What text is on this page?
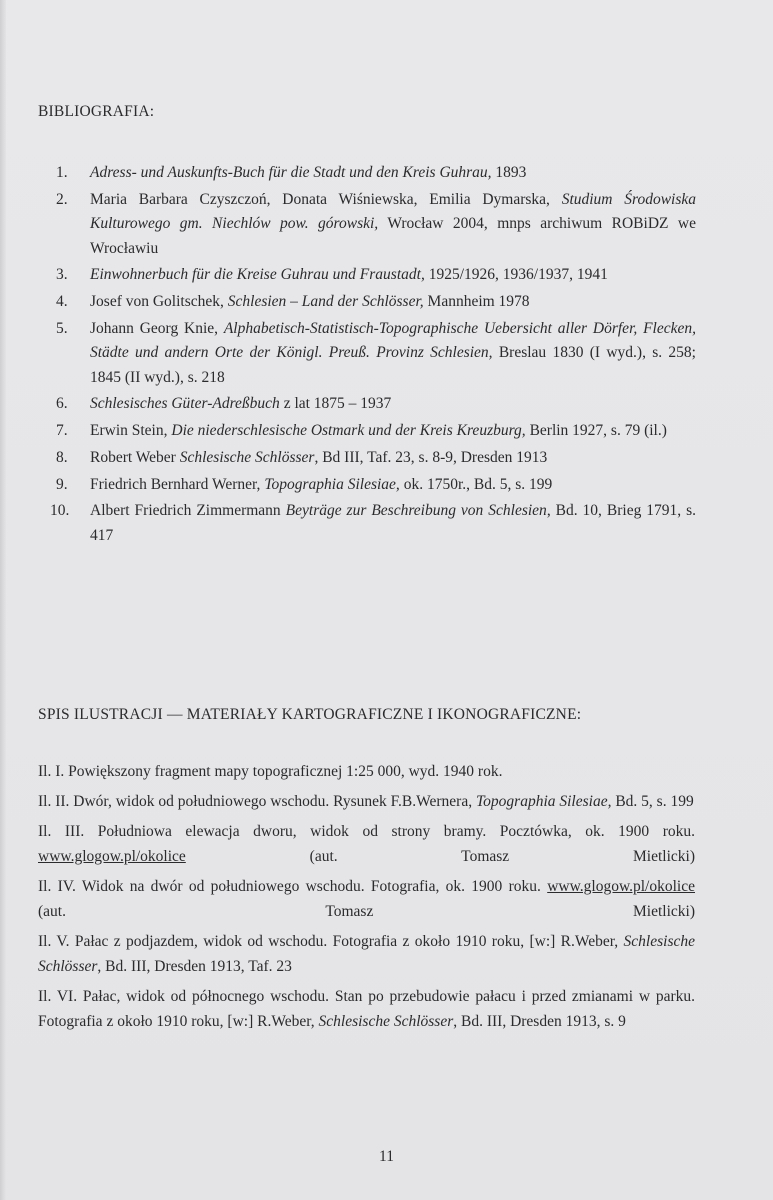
BIBLIOGRAFIA:
1. Adress- und Auskunfts-Buch für die Stadt und den Kreis Guhrau, 1893
2. Maria Barbara Czyszczoń, Donata Wiśniewska, Emilia Dymarska, Studium Środowiska Kulturowego gm. Niechlów pow. górowski, Wrocław 2004, mnps archiwum ROBiDZ we Wrocławiu
3. Einwohnerbuch für die Kreise Guhrau und Fraustadt, 1925/1926, 1936/1937, 1941
4. Josef von Golitschek, Schlesien – Land der Schlösser, Mannheim 1978
5. Johann Georg Knie, Alphabetisch-Statistisch-Topographische Uebersicht aller Dörfer, Flecken, Städte und andern Orte der Königl. Preuß. Provinz Schlesien, Breslau 1830 (I wyd.), s. 258; 1845 (II wyd.), s. 218
6. Schlesisches Güter-Adreßbuch z lat 1875 – 1937
7. Erwin Stein, Die niederschlesische Ostmark und der Kreis Kreuzburg, Berlin 1927, s. 79 (il.)
8. Robert Weber Schlesische Schlösser, Bd III, Taf. 23, s. 8-9, Dresden 1913
9. Friedrich Bernhard Werner, Topographia Silesiae, ok. 1750r., Bd. 5, s. 199
10. Albert Friedrich Zimmermann Beyträge zur Beschreibung von Schlesien, Bd. 10, Brieg 1791, s. 417
SPIS ILUSTRACJI — MATERIAŁY KARTOGRAFICZNE I IKONOGRAFICZNE:

Il. I. Powiększony fragment mapy topograficznej 1:25 000, wyd. 1940 rok.

Il. II. Dwór, widok od południowego wschodu. Rysunek F.B.Wernera, Topographia Silesiae, Bd. 5, s. 199

Il. III. Południowa elewacja dworu, widok od strony bramy. Pocztówka, ok. 1900 roku. www.glogow.pl/okolice (aut. Tomasz Mietlicki)

Il. IV. Widok na dwór od południowego wschodu. Fotografia, ok. 1900 roku. www.glogow.pl/okolice (aut. Tomasz Mietlicki)

Il. V. Pałac z podjazdem, widok od wschodu. Fotografia z około 1910 roku, [w:] R.Weber, Schlesische Schlösser, Bd. III, Dresden 1913, Taf. 23

Il. VI. Pałac, widok od północnego wschodu. Stan po przebudowie pałacu i przed zmianami w parku. Fotografia z około 1910 roku, [w:] R.Weber, Schlesische Schlösser, Bd. III, Dresden 1913, s. 9

11
